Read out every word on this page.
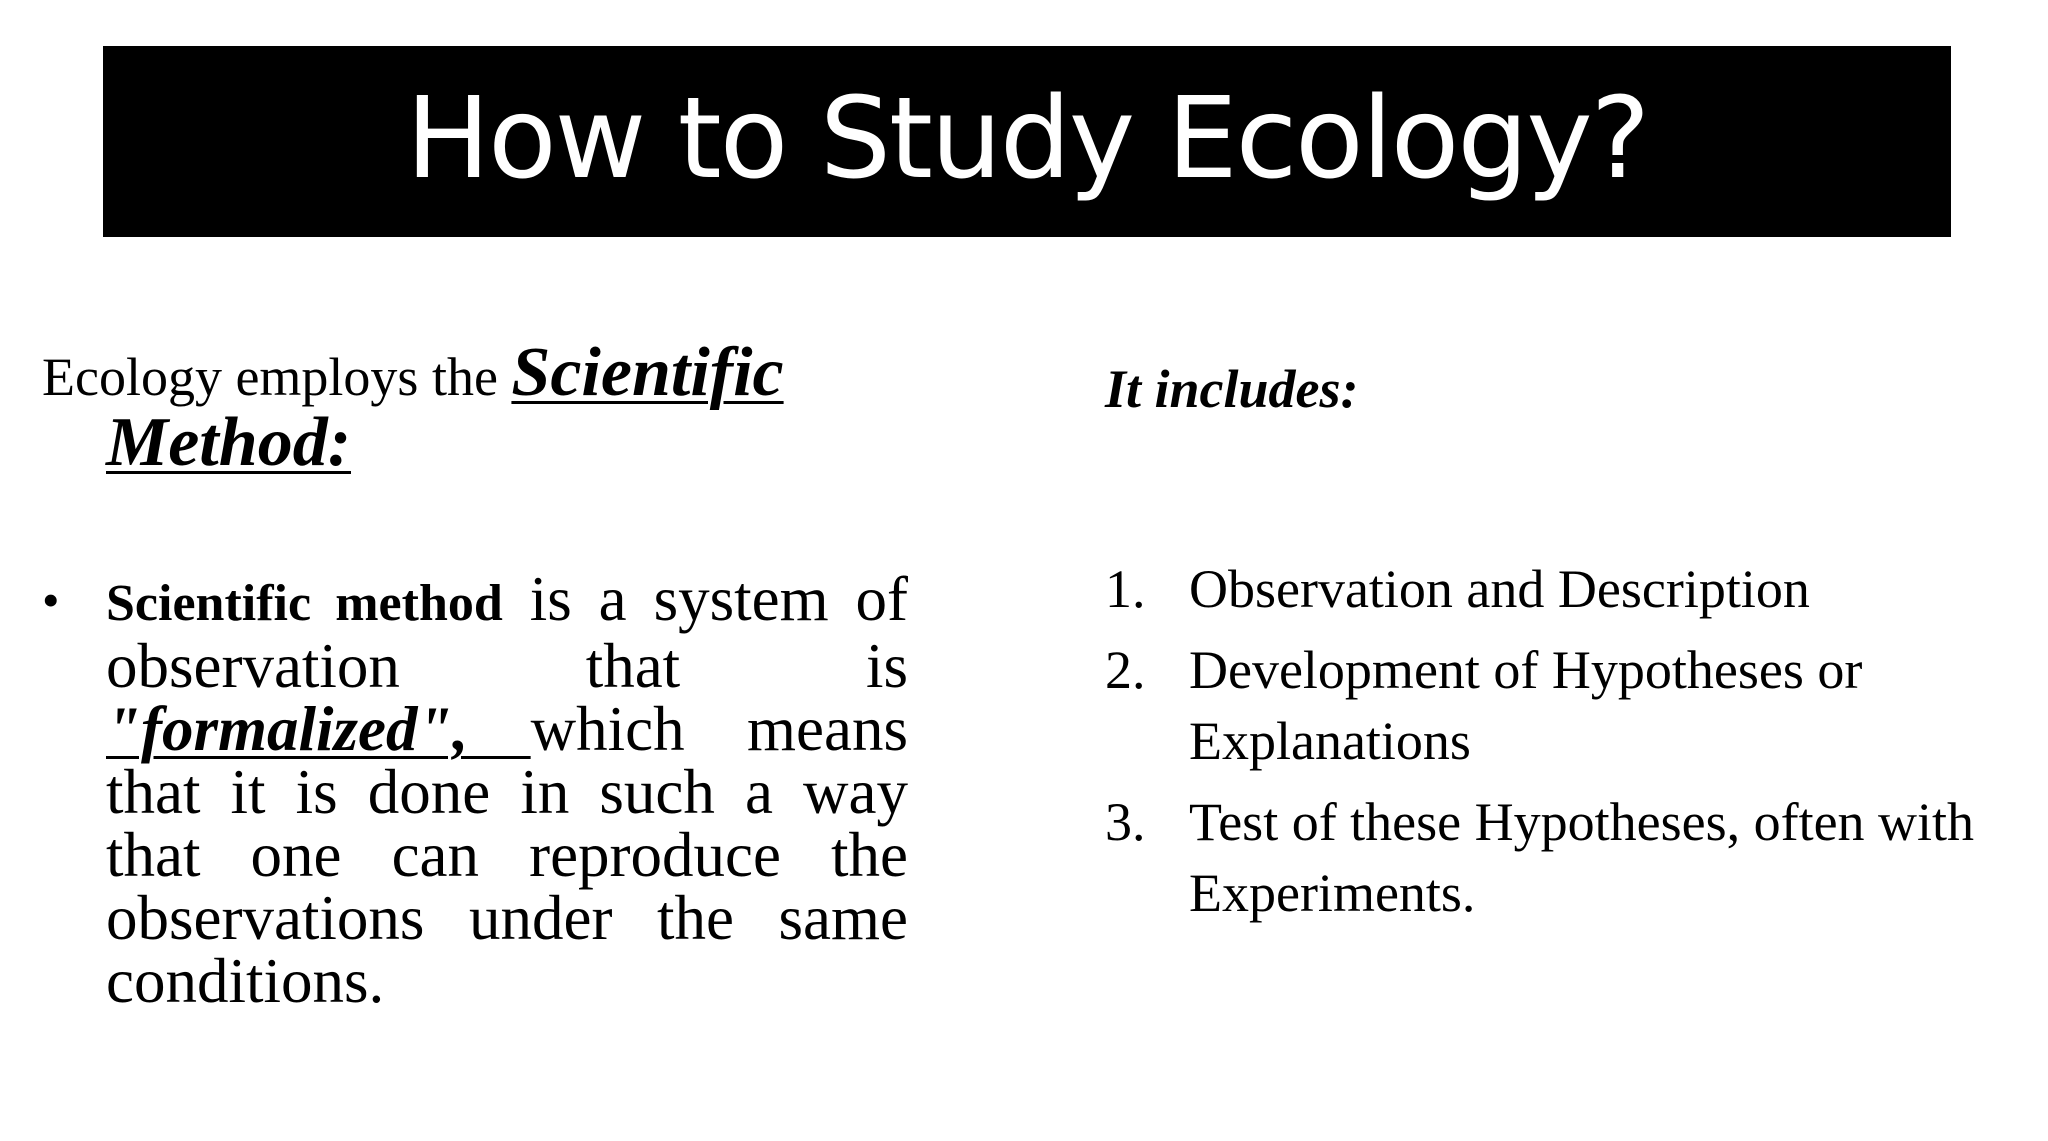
How to Study Ecology?
Ecology employs the Scientific Method:
• Scientific method is a system of observation that is "formalized", which means that it is done in such a way that one can reproduce the observations under the same conditions.
It includes:
1. Observation and Description
2. Development of Hypotheses or Explanations
3. Test of these Hypotheses, often with Experiments.
